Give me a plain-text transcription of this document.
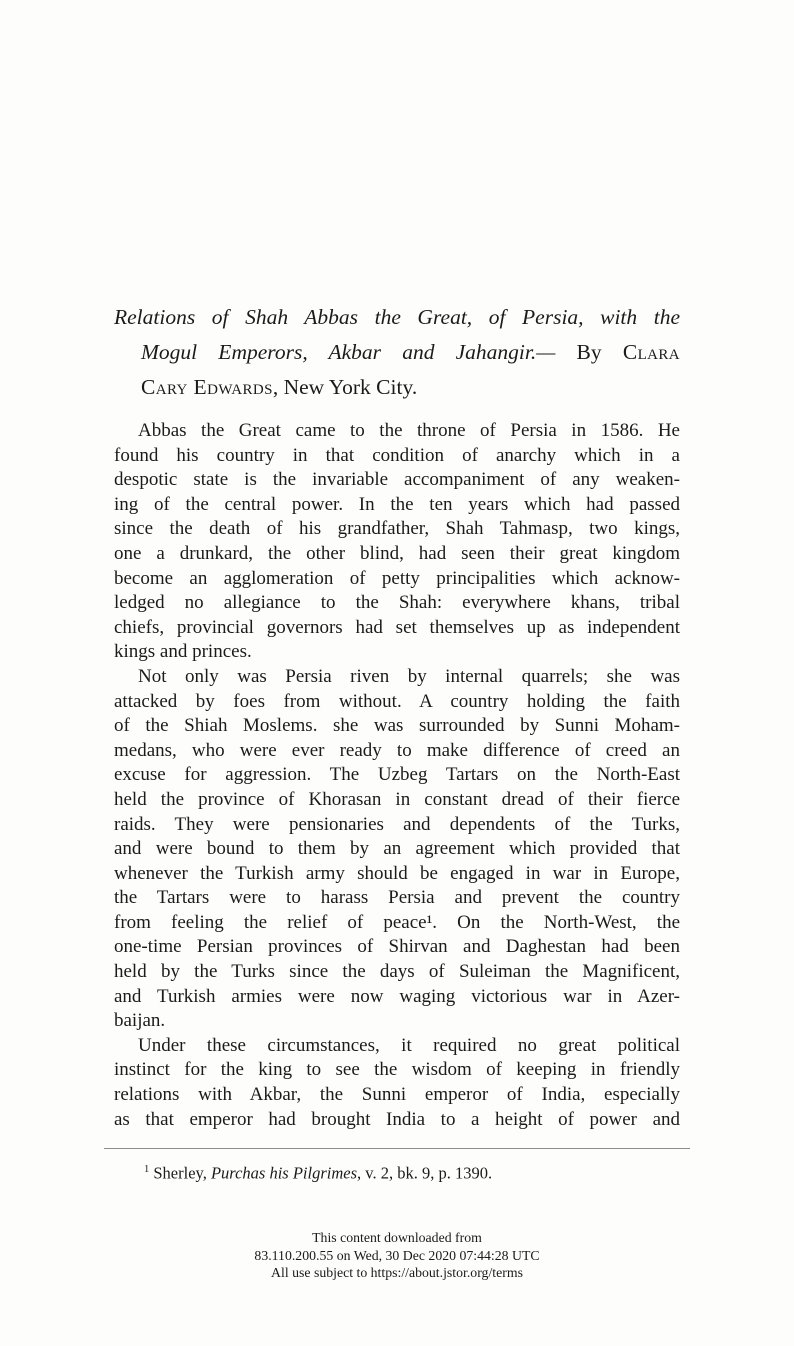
Relations of Shah Abbas the Great, of Persia, with the
Mogul Emperors, Akbar and Jahangir.— By Clara
Cary Edwards, New York City.
Abbas the Great came to the throne of Persia in 1586. He
found his country in that condition of anarchy which in a
despotic state is the invariable accompaniment of any weaken-
ing of the central power. In the ten years which had passed
since the death of his grandfather, Shah Tahmasp, two kings,
one a drunkard, the other blind, had seen their great kingdom
become an agglomeration of petty principalities which acknow-
ledged no allegiance to the Shah: everywhere khans, tribal
chiefs, provincial governors had set themselves up as independent
kings and princes.
Not only was Persia riven by internal quarrels; she was
attacked by foes from without. A country holding the faith
of the Shiah Moslems. she was surrounded by Sunni Moham-
medans, who were ever ready to make difference of creed an
excuse for aggression. The Uzbeg Tartars on the North-East
held the province of Khorasan in constant dread of their fierce
raids. They were pensionaries and dependents of the Turks,
and were bound to them by an agreement which provided that
whenever the Turkish army should be engaged in war in Europe,
the Tartars were to harass Persia and prevent the country
from feeling the relief of peace¹. On the North-West, the
one-time Persian provinces of Shirvan and Daghestan had been
held by the Turks since the days of Suleiman the Magnificent,
and Turkish armies were now waging victorious war in Azer-
baijan.
Under these circumstances, it required no great political
instinct for the king to see the wisdom of keeping in friendly
relations with Akbar, the Sunni emperor of India, especially
as that emperor had brought India to a height of power and
$^1$ Sherley, Purchas his Pilgrimes, v. 2, bk. 9, p. 1390.
This content downloaded from
83.110.200.55 on Wed, 30 Dec 2020 07:44:28 UTC
All use subject to https://about.jstor.org/terms
